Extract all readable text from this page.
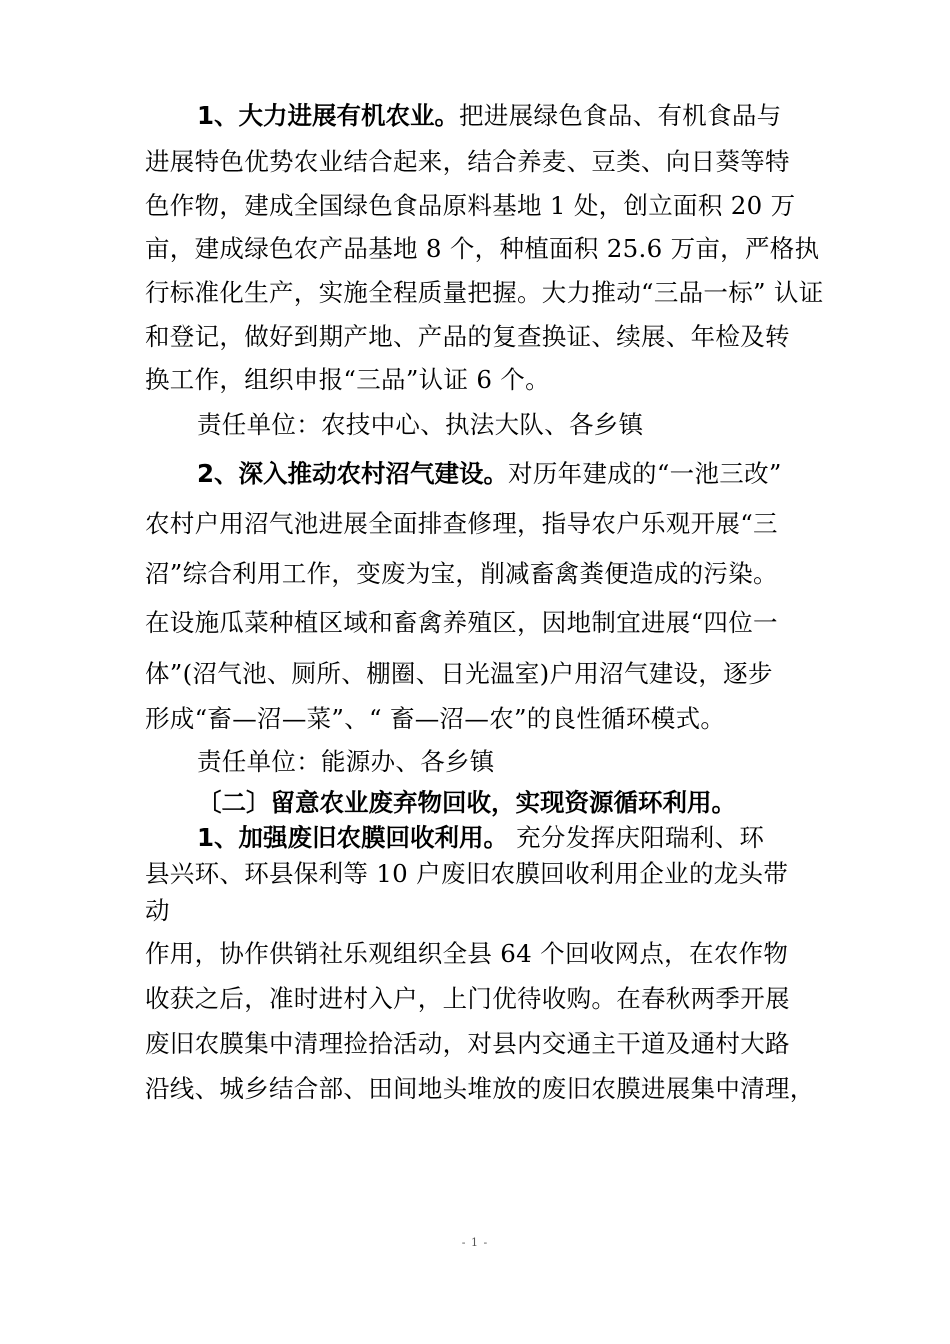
1、大力进展有机农业。把进展绿色食品、有机食品与
进展特色优势农业结合起来，结合养麦、豆类、向日葵等特
色作物，建成全国绿色食品原料基地 1 处，创立面积 20 万
亩，建成绿色农产品基地 8 个，种植面积 25.6 万亩，严格执
行标准化生产，实施全程质量把握。大力推动“三品一标” 认证
和登记，做好到期产地、产品的复查换证、续展、年检及转
换工作，组织申报“三品”认证 6 个。
责任单位：农技中心、执法大队、各乡镇
2、深入推动农村沼气建设。对历年建成的“一池三改”
农村户用沼气池进展全面排查修理，指导农户乐观开展“三
沼”综合利用工作，变废为宝，削减畜禽粪便造成的污染。
在设施瓜菜种植区域和畜禽养殖区，因地制宜进展“四位一
体”(沼气池、厕所、棚圈、日光温室)户用沼气建设，逐步
形成“畜—沼—菜”、“ 畜—沼—农”的良性循环模式。
责任单位：能源办、各乡镇
〔二〕留意农业废弃物回收，实现资源循环利用。
1、加强废旧农膜回收利用。 充分发挥庆阳瑞利、环
县兴环、环县保利等 10 户废旧农膜回收利用企业的龙头带
动
作用，协作供销社乐观组织全县 64 个回收网点，在农作物
收获之后，准时进村入户，上门优待收购。在春秋两季开展
废旧农膜集中清理捡拾活动，对县内交通主干道及通村大路
沿线、城乡结合部、田间地头堆放的废旧农膜进展集中清理，
- 1 -
